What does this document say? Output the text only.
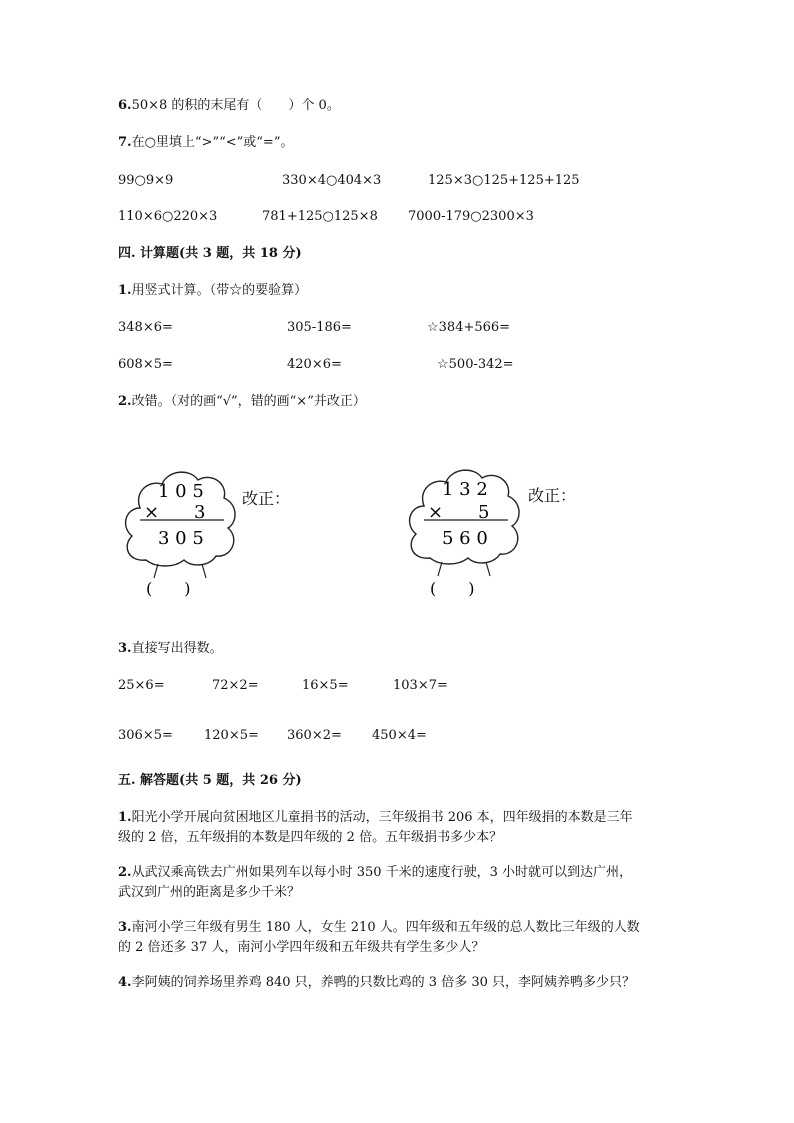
6.50×8 的积的末尾有（　　）个 0。
7.在○里填上“>”“<”或“=”。
99○9×9	330×4○404×3	125×3○125+125+125
110×6○220×3	781+125○125×8 7000-179○2300×3
四. 计算题(共 3 题，共 18 分)
1.用竖式计算。（带☆的要验算）
348×6=	305-186=	☆384+566=
608×5=	420×6=	☆500-342=
2.改错。（对的画“√”，错的画“×”并改正）
1 0 5
× 3
3 0 5
(　　)
改正：	1 3 2
× 5
5 6 0
(　　)
改正：
3.直接写出得数。
25×6=	72×2=	16×5=	103×7=
306×5= 120×5= 360×2= 450×4=
五. 解答题(共 5 题，共 26 分)
1.阳光小学开展向贫困地区儿童捐书的活动，三年级捐书 206 本，四年级捐的本数是三年
级的 2 倍，五年级捐的本数是四年级的 2 倍。五年级捐书多少本？
2.从武汉乘高铁去广州如果列车以每小时 350 千米的速度行驶，3 小时就可以到达广州，
武汉到广州的距离是多少千米？
3.南河小学三年级有男生 180 人，女生 210 人。四年级和五年级的总人数比三年级的人数
的 2 倍还多 37 人，南河小学四年级和五年级共有学生多少人？
4.李阿姨的饲养场里养鸡 840 只，养鸭的只数比鸡的 3 倍多 30 只，李阿姨养鸭多少只？
